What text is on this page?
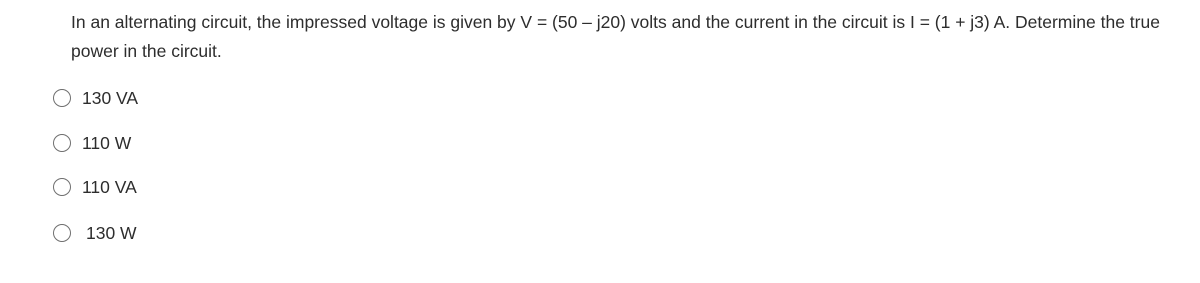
In an alternating circuit, the impressed voltage is given by V = (50 – j20) volts and the current in the circuit is I = (1 + j3) A. Determine the true power in the circuit.
130 VA
110 W
110 VA
130 W
